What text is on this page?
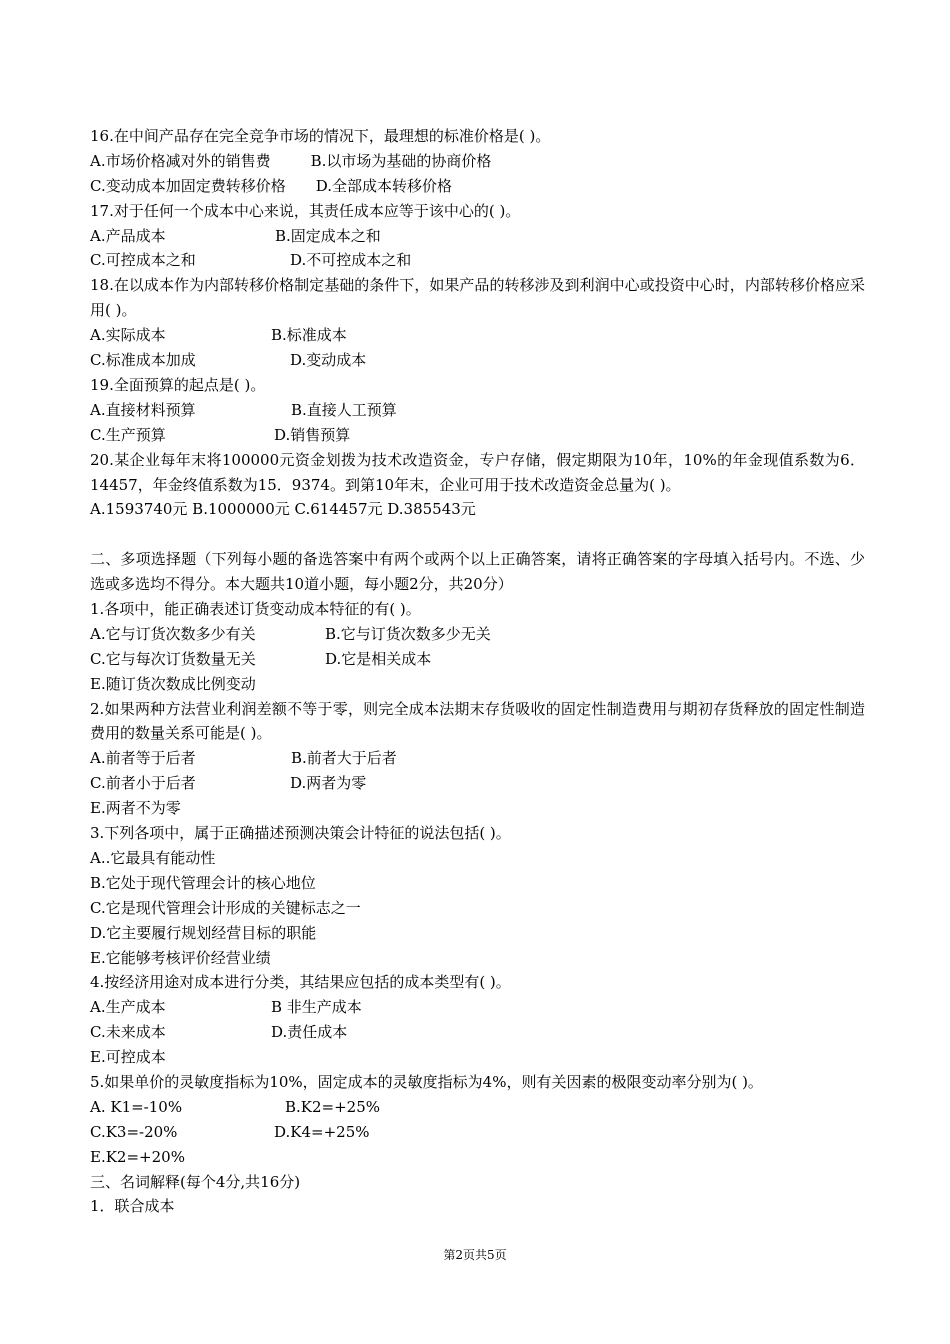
16.在中间产品存在完全竞争市场的情况下，最理想的标准价格是( )。
A.市场价格减对外的销售费	B.以市场为基础的协商价格
C.变动成本加固定费转移价格 D.全部成本转移价格
17.对于任何一个成本中心来说，其责任成本应等于该中心的( )。
A.产品成本	B.固定成本之和
C.可控成本之和	D.不可控成本之和
18.在以成本作为内部转移价格制定基础的条件下，如果产品的转移涉及到利润中心或投资中心时，内部转移价格应采用( )。
A.实际成本	B.标准成本
C.标准成本加成	D.变动成本
19.全面预算的起点是( )。
A.直接材料预算	B.直接人工预算
C.生产预算	D.销售预算
20.某企业每年末将100000元资金划拨为技术改造资金，专户存储，假定期限为10年，10%的年金现值系数为6．14457，年金终值系数为15．9374。到第10年末，企业可用于技术改造资金总量为( )。
A.1593740元 B.1000000元 C.614457元 D.385543元
二、多项选择题（下列每小题的备选答案中有两个或两个以上正确答案，请将正确答案的字母填入括号内。不选、少选或多选均不得分。本大题共10道小题，每小题2分，共20分）
1.各项中，能正确表述订货变动成本特征的有( )。
A.它与订货次数多少有关	B.它与订货次数多少无关
C.它与每次订货数量无关	D.它是相关成本
E.随订货次数成比例变动
2.如果两种方法营业利润差额不等于零，则完全成本法期末存货吸收的固定性制造费用与期初存货释放的固定性制造费用的数量关系可能是( )。
A.前者等于后者	B.前者大于后者
C.前者小于后者	D.两者为零
E.两者不为零
3.下列各项中，属于正确描述预测决策会计特征的说法包括( )。
A..它最具有能动性
B.它处于现代管理会计的核心地位
C.它是现代管理会计形成的关键标志之一
D.它主要履行规划经营目标的职能
E.它能够考核评价经营业绩
4.按经济用途对成本进行分类，其结果应包括的成本类型有( )。
A.生产成本	B 非生产成本
C.未来成本	D.责任成本
E.可控成本
5.如果单价的灵敏度指标为10%，固定成本的灵敏度指标为4%，则有关因素的极限变动率分别为( )。
A. K1=-10%	B.K2=+25%
C.K3=-20%	D.K4=+25%
E.K2=+20%
三、名词解释(每个4分,共16分)
1．联合成本
第2页共5页
